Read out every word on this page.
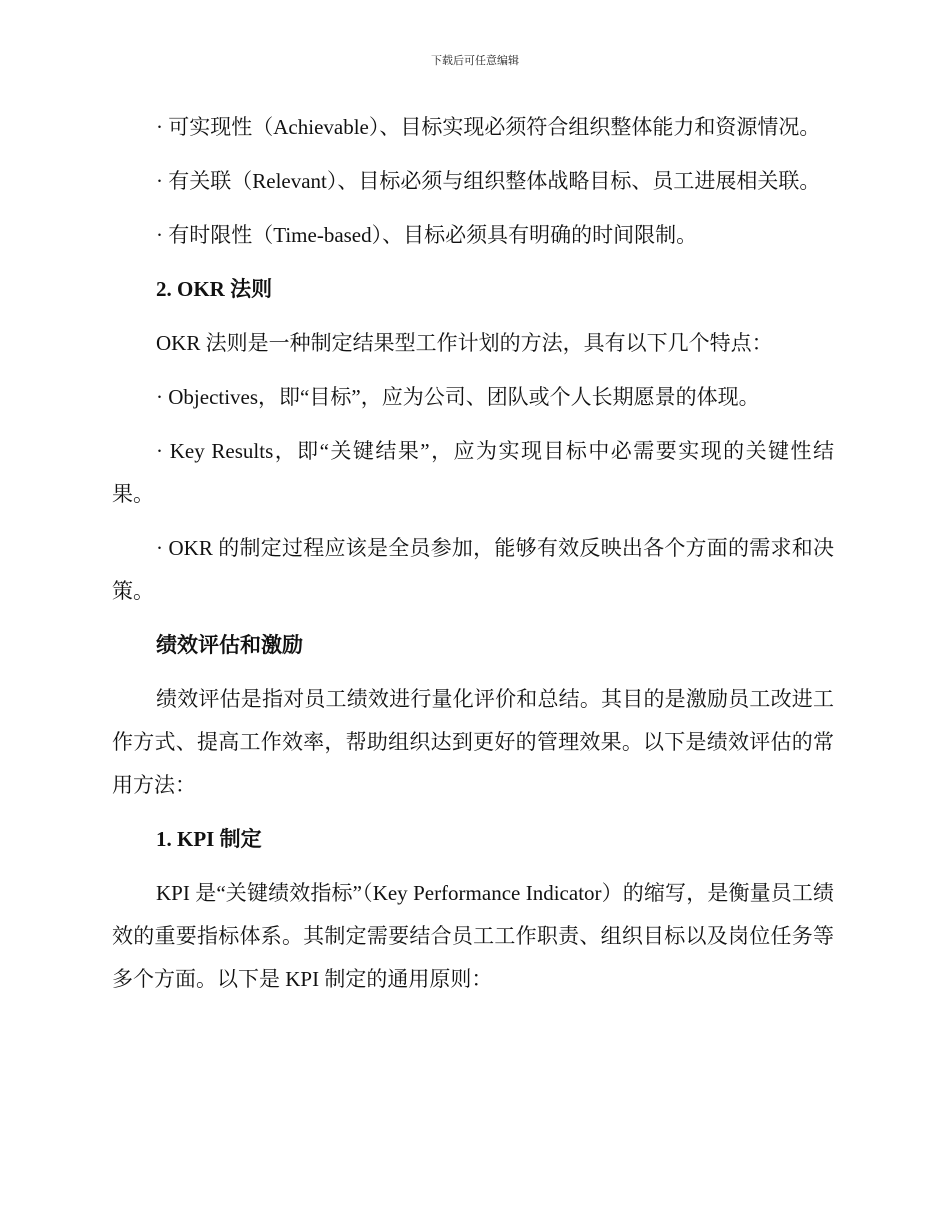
下载后可任意编辑

· 可实现性（Achievable）、目标实现必须符合组织整体能力和资源情况。

· 有关联（Relevant）、目标必须与组织整体战略目标、员工进展相关联。

· 有时限性（Time-based）、目标必须具有明确的时间限制。

2. OKR 法则

OKR 法则是一种制定结果型工作计划的方法，具有以下几个特点：

· Objectives，即“目标”，应为公司、团队或个人长期愿景的体现。

· Key Results，即“关键结果”，应为实现目标中必需要实现的关键性结果。

· OKR 的制定过程应该是全员参加，能够有效反映出各个方面的需求和决策。

绩效评估和激励

绩效评估是指对员工绩效进行量化评价和总结。其目的是激励员工改进工作方式、提高工作效率，帮助组织达到更好的管理效果。以下是绩效评估的常用方法：

1. KPI 制定

KPI 是“关键绩效指标”（Key Performance Indicator）的缩写，是衡量员工绩效的重要指标体系。其制定需要结合员工工作职责、组织目标以及岗位任务等多个方面。以下是 KPI 制定的通用原则：
